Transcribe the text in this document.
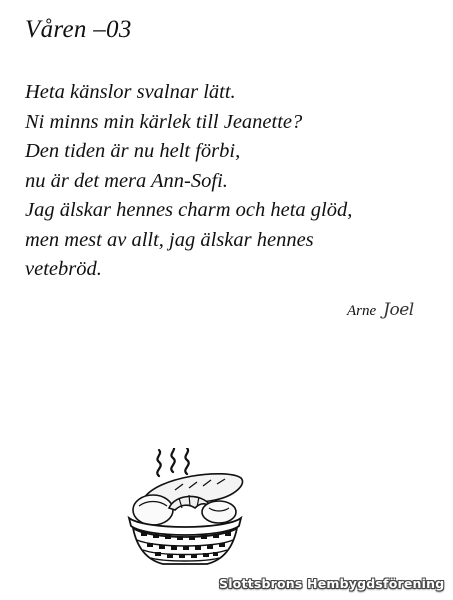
Våren –03
Heta känslor svalnar lätt.
Ni minns min kärlek till Jeanette?
Den tiden är nu helt förbi,
nu är det mera Ann-Sofi.
Jag älskar hennes charm och heta glöd,
men mest av allt, jag älskar hennes
vetebröd.
Arne Joel
Slottsbrons Hembygdsförening
